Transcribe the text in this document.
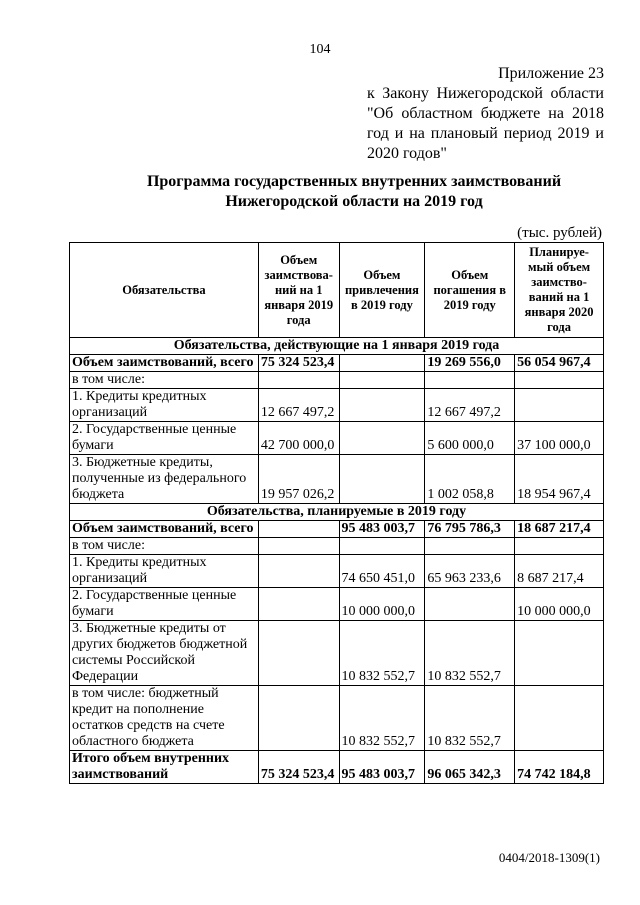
104
Приложение 23
к Закону Нижегородской области
"Об областном бюджете на 2018
год и на плановый период 2019 и
2020 годов"
Программа государственных внутренних заимствований
Нижегородской области на 2019 год
(тыс. рублей)
Обязательства	Объем заимствова-ний на 1 января 2019 года	Объем привлечения в 2019 году	Объем погашения в 2019 году	Планируе-мый объем заимство-ваний на 1 января 2020 года
Обязательства, действующие на 1 января 2019 года				
Объем заимствований, всего	75 324 523,4		19 269 556,0	56 054 967,4
в том числе:				
1. Кредиты кредитных организаций	12 667 497,2		12 667 497,2	
2. Государственные ценные бумаги	42 700 000,0		5 600 000,0	37 100 000,0
3. Бюджетные кредиты, полученные из федерального бюджета	19 957 026,2		1 002 058,8	18 954 967,4
Обязательства, планируемые в 2019 году				
Объем заимствований, всего		95 483 003,7	76 795 786,3	18 687 217,4
в том числе:				
1. Кредиты кредитных организаций		74 650 451,0	65 963 233,6	8 687 217,4
2. Государственные ценные бумаги		10 000 000,0		10 000 000,0
3. Бюджетные кредиты от других бюджетов бюджетной системы Российской Федерации		10 832 552,7	10 832 552,7	
в том числе: бюджетный кредит на пополнение остатков средств на счете областного бюджета		10 832 552,7	10 832 552,7	
Итого объем внутренних заимствований	75 324 523,4	95 483 003,7	96 065 342,3	74 742 184,8
0404/2018-1309(1)
